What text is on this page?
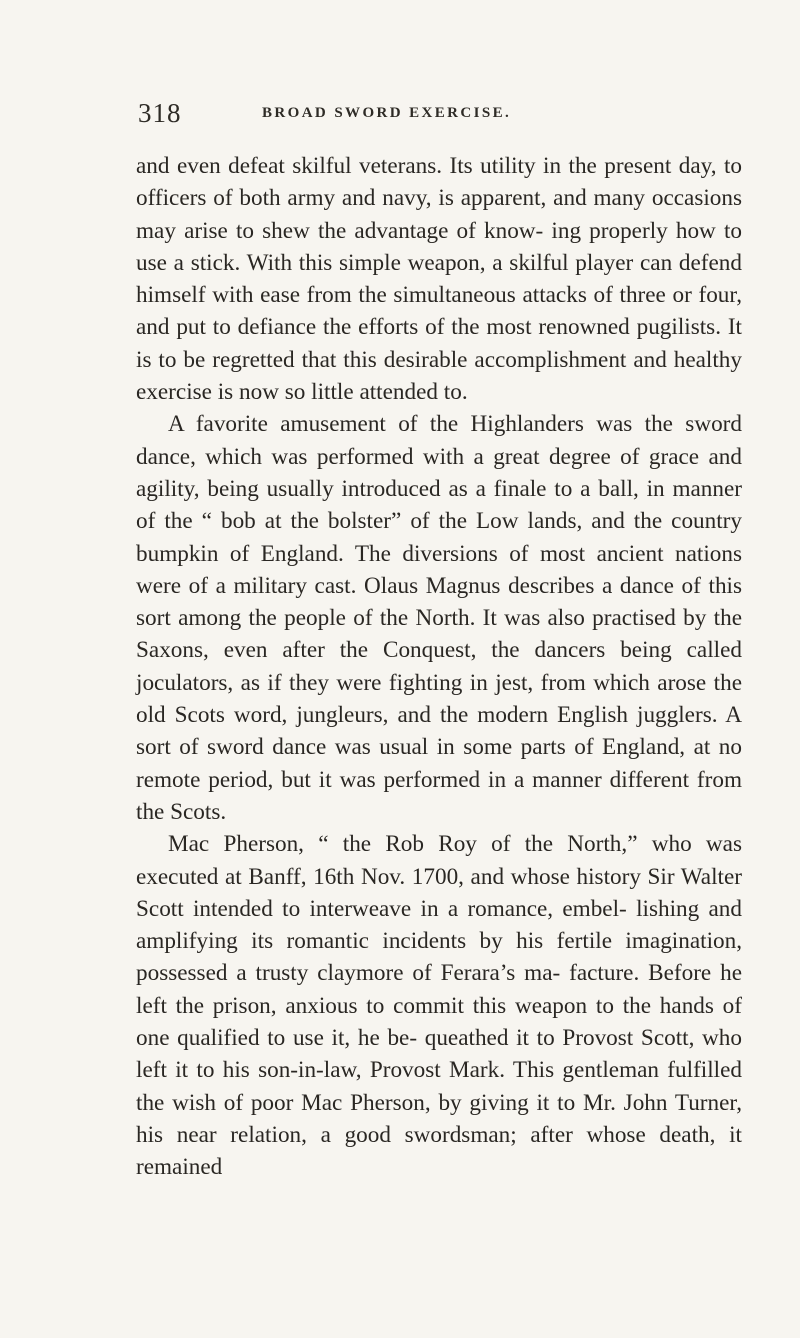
318	BROAD SWORD EXERCISE.

and even defeat skilful veterans. Its utility in the present day, to officers of both army and navy, is apparent, and many occasions may arise to shew the advantage of know- ing properly how to use a stick. With this simple weapon, a skilful player can defend himself with ease from the simultaneous attacks of three or four, and put to defiance the efforts of the most renowned pugilists. It is to be regretted that this desirable accomplishment and healthy exercise is now so little attended to.

A favorite amusement of the Highlanders was the sword dance, which was performed with a great degree of grace and agility, being usually introduced as a finale to a ball, in manner of the “ bob at the bolster” of the Low lands, and the country bumpkin of England. The diversions of most ancient nations were of a military cast. Olaus Magnus describes a dance of this sort among the people of the North. It was also practised by the Saxons, even after the Conquest, the dancers being called joculators, as if they were fighting in jest, from which arose the old Scots word, jungleurs, and the modern English jugglers. A sort of sword dance was usual in some parts of England, at no remote period, but it was performed in a manner different from the Scots.

Mac Pherson, “ the Rob Roy of the North,” who was executed at Banff, 16th Nov. 1700, and whose history Sir Walter Scott intended to interweave in a romance, embel- lishing and amplifying its romantic incidents by his fertile imagination, possessed a trusty claymore of Ferara’s ma- facture. Before he left the prison, anxious to commit this weapon to the hands of one qualified to use it, he be- queathed it to Provost Scott, who left it to his son-in-law, Provost Mark. This gentleman fulfilled the wish of poor Mac Pherson, by giving it to Mr. John Turner, his near relation, a good swordsman; after whose death, it remained
